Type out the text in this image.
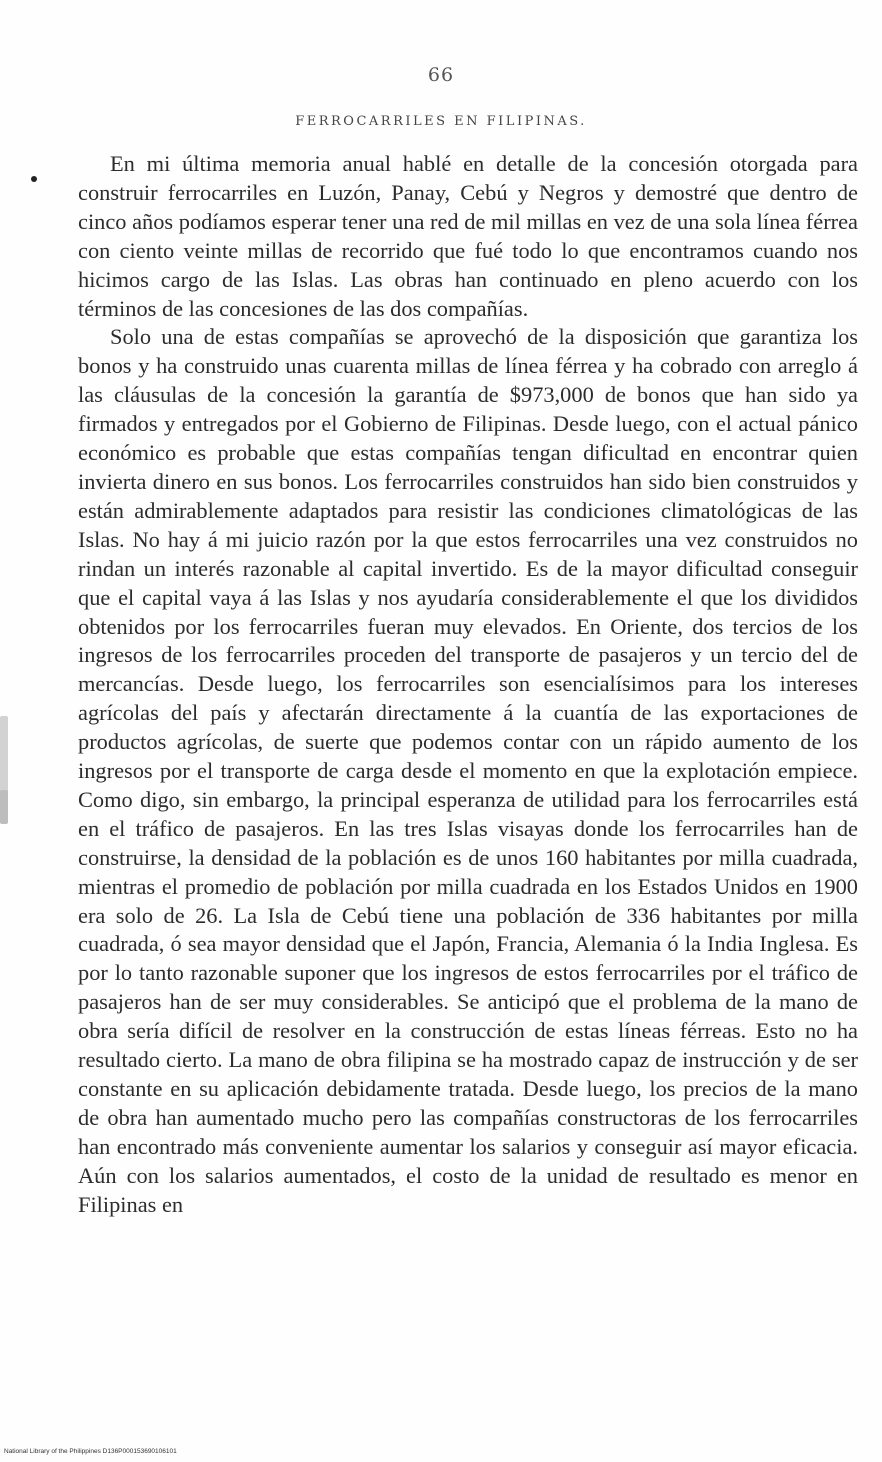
66
FERROCARRILES EN FILIPINAS.

En mi última memoria anual hablé en detalle de la concesión otorgada para construir ferrocarriles en Luzón, Panay, Cebú y Negros y demostré que dentro de cinco años podíamos esperar tener una red de mil millas en vez de una sola línea férrea con ciento veinte millas de recorrido que fué todo lo que encontramos cuando nos hicimos cargo de las Islas. Las obras han continuado en pleno acuerdo con los términos de las concesiones de las dos compañías.

Solo una de estas compañías se aprovechó de la disposición que garantiza los bonos y ha construido unas cuarenta millas de línea férrea y ha cobrado con arreglo á las cláusulas de la concesión la garantía de $973,000 de bonos que han sido ya firmados y entregados por el Gobierno de Filipinas. Desde luego, con el actual pánico económico es probable que estas compañías tengan dificultad en encontrar quien invierta dinero en sus bonos. Los ferrocarriles construidos han sido bien construidos y están admirablemente adaptados para resistir las condiciones climatológicas de las Islas. No hay á mi juicio razón por la que estos ferrocarriles una vez construidos no rindan un interés razonable al capital invertido. Es de la mayor dificultad conseguir que el capital vaya á las Islas y nos ayudaría considerablemente el que los divididos obtenidos por los ferrocarriles fueran muy elevados. En Oriente, dos tercios de los ingresos de los ferrocarriles proceden del transporte de pasajeros y un tercio del de mercancías. Desde luego, los ferrocarriles son esencialísimos para los intereses agrícolas del país y afectarán directamente á la cuantía de las exportaciones de productos agrícolas, de suerte que podemos contar con un rápido aumento de los ingresos por el transporte de carga desde el momento en que la explotación empiece. Como digo, sin embargo, la principal esperanza de utilidad para los ferrocarriles está en el tráfico de pasajeros. En las tres Islas visayas donde los ferrocarriles han de construirse, la densidad de la población es de unos 160 habitantes por milla cuadrada, mientras el promedio de población por milla cuadrada en los Estados Unidos en 1900 era solo de 26. La Isla de Cebú tiene una población de 336 habitantes por milla cuadrada, ó sea mayor densidad que el Japón, Francia, Alemania ó la India Inglesa. Es por lo tanto razonable suponer que los ingresos de estos ferrocarriles por el tráfico de pasajeros han de ser muy considerables. Se anticipó que el problema de la mano de obra sería difícil de resolver en la construcción de estas líneas férreas. Esto no ha resultado cierto. La mano de obra filipina se ha mostrado capaz de instrucción y de ser constante en su aplicación debidamente tratada. Desde luego, los precios de la mano de obra han aumentado mucho pero las compañías constructoras de los ferrocarriles han encontrado más conveniente aumentar los salarios y conseguir así mayor eficacia. Aún con los salarios aumentados, el costo de la unidad de resultado es menor en Filipinas en

National Library of the Philippines D136P000153690106101
